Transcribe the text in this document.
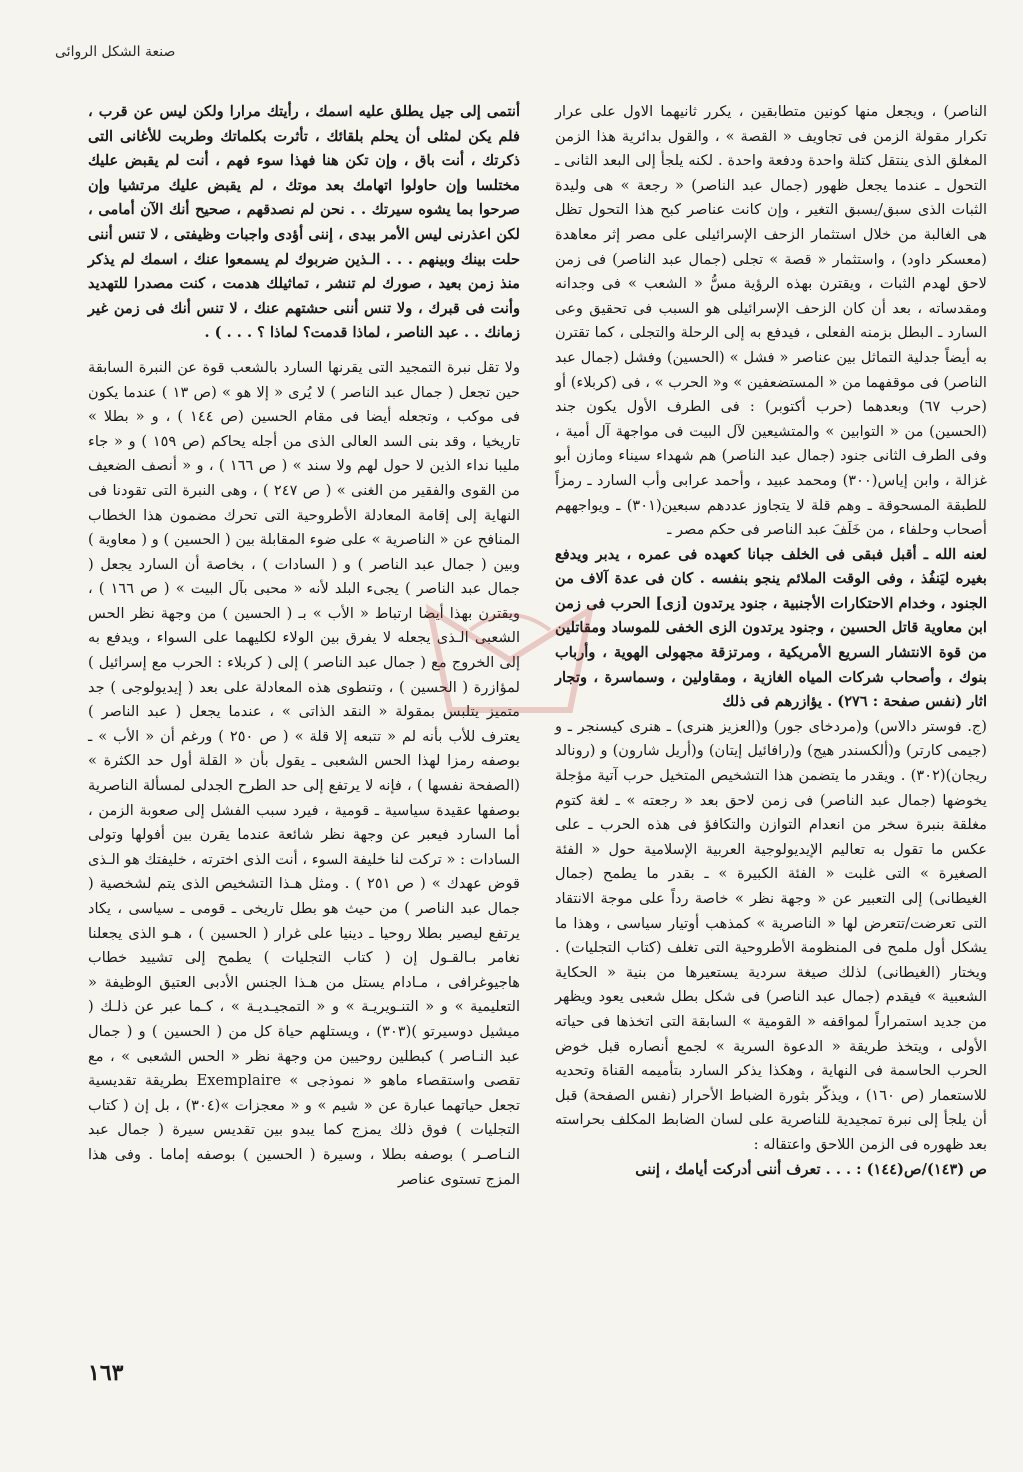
صنعة الشكل الروائى

الناصر) ، ويجعل منها كونين متطابقين ، يكرر ثانيهما الاول على عرار تكرار مقولة الزمن فى تجاويف « القصة » ، والقول بدائرية هذا الزمن المغلق الذى ينتقل كتلة واحدة ودفعة واحدة . لكنه يلجأ إلى البعد الثانى ـ التحول ـ عندما يجعل ظهور (جمال عبد الناصر) « رجعة » هى وليدة الثبات الذى سبق/يسبق التغير ، وإن كانت عناصر كبح هذا التحول تظل هى الغالبة من خلال استثمار الزحف الإسرائيلى على مصر إثر معاهدة (معسكر داود) ، واستثمار « قصة » تجلى (جمال عبد الناصر) فى زمن لاحق لهدم الثبات ، ويقترن بهذه الرؤية مسُّ « الشعب » فى وجدانه ومقدساته ، بعد أن كان الزحف الإسرائيلى هو السبب فى تحقيق وعى السارد ـ البطل بزمنه الفعلى ، فيدفع به إلى الرحلة والتجلى ، كما تقترن به أيضاً جدلية التماثل بين عناصر « فشل » (الحسين) وفشل (جمال عبد الناصر) فى موقفهما من « المستضعفين » و« الحرب » ، فى (كربلاء) أو (حرب ٦٧) وبعدهما (حرب أكتوبر) : فى الطرف الأول يكون جند (الحسين) من « التوابين » والمتشيعين لآل البيت فى مواجهة آل أمية ، وفى الطرف الثانى جنود (جمال عبد الناصر) هم شهداء سيناء ومازن أبو غزالة ، وابن إياس(٣٠٠) ومحمد عبيد ، وأحمد عرابى وأب السارد ـ رمزاً للطبقة المسحوقة ـ وهم قلة لا يتجاوز عددهم سبعين(٣٠١) ـ ويواجههم أصحاب وحلفاء ، من خَلَفَ عبد الناصر فى حكم مصر ـ

لعنه الله ـ أقبل فبقى فى الخلف جبانا كعهده فى عمره ، يدبر ويدفع بغيره ليَنفُذ ، وفى الوقت الملائم ينجو بنفسه . كان فى عدة آلاف من الجنود ، وخدام الاحتكارات الأجنبية ، جنود يرتدون [زى] الحرب فى زمن ابن معاوية قاتل الحسين ، وجنود يرتدون الزى الخفى للموساد ومقاتلين من قوة الانتشار السريع الأمريكية ، ومرتزقة مجهولى الهوية ، وأرباب بنوك ، وأصحاب شركات المياه الغازية ، ومقاولين ، وسماسرة ، وتجار اثار (نفس صفحة : ٢٧٦) . يؤازرهم فى ذلك

(ج. فوستر دالاس) و(مردخاى جور) و(العزيز هنرى) ـ هنرى كيسنجر ـ و (جيمى كارتر) و(ألكسندر هيج) و(رافائيل إيتان) و(أريل شارون) و (رونالد ريجان)(٣٠٢) . ويقدر ما يتضمن هذا التشخيص المتخيل حرب آتية مؤجلة يخوضها (جمال عبد الناصر) فى زمن لاحق بعد « رجعته » ـ لغة كتوم مغلقة بنبرة سخر من انعدام التوازن والتكافؤ فى هذه الحرب ـ على عكس ما تقول به تعاليم الإيديولوجية العربية الإسلامية حول « الفئة الصغيرة » التى غلبت « الفئة الكبيرة » ـ بقدر ما يطمح (جمال الغيطانى) إلى التعبير عن « وجهة نظر » خاصة رداً على موجة الانتقاد التى تعرضت/تتعرض لها « الناصرية » كمذهب أوتيار سياسى ، وهذا ما يشكل أول ملمح فى المنظومة الأطروحية التى تغلف (كتاب التجليات) . ويختار (الغيطانى) لذلك صيغة سردية يستعيرها من بنية « الحكاية الشعبية » فيقدم (جمال عبد الناصر) فى شكل بطل شعبى يعود ويظهر من جديد استمراراً لمواقفه « القومية » السابقة التى اتخذها فى حياته الأولى ، ويتخذ طريقة « الدعوة السرية » لجمع أنصاره قبل خوض الحرب الحاسمة فى النهاية ، وهكذا يذكر السارد بتأميمه القناة وتحديه للاستعمار (ص ١٦٠) ، ويذكّر بثورة الضباط الأحرار (نفس الصفحة) قبل أن يلجأ إلى نبرة تمجيدية للناصرية على لسان الضابط المكلف بحراسته بعد ظهوره فى الزمن اللاحق واعتقاله :

ص (١٤٣)/ص(١٤٤) : . . . تعرف أننى أدركت أيامك ، إننى

أنتمى إلى جيل يطلق عليه اسمك ، رأيتك مرارا ولكن ليس عن قرب ، فلم يكن لمثلى أن يحلم بلقائك ، تأثرت بكلماتك وطربت للأغانى التى ذكرتك ، أنت باق ، وإن تكن هنا فهذا سوء فهم ، أنت لم يقبض عليك مختلسا وإن حاولوا اتهامك بعد موتك ، لم يقبض عليك مرتشيا وإن صرحوا بما يشوه سيرتك . . نحن لم نصدقهم ، صحيح أنك الآن أمامى ، لكن اعذرنى ليس الأمر بيدى ، إننى أؤدى واجبات وظيفتى ، لا تنس أننى حلت بينك وبينهم . . . الـذين ضربوك لم يسمعوا عنك ، اسمك لم يذكر منذ زمن بعيد ، صورك لم تنشر ، تماثيلك هدمت ، كنت مصدرا للتهديد وأنت فى قبرك ، ولا تنس أننى حشتهم عنك ، لا تنس أنك فى زمن غير زمانك . . عبد الناصر ، لماذا قدمت؟ لماذا ؟ . . . ) .

ولا تقل نبرة التمجيد التى يقرنها السارد بالشعب قوة عن النبرة السابقة حين تجعل ( جمال عبد الناصر ) لا يُرى « إلا هو » (ص ١٣ ) عندما يكون فى موكب ، وتجعله أيضا فى مقام الحسين (ص ١٤٤ ) ، و « بطلا » تاريخيا ، وقد بنى السد العالى الذى من أجله يحاكم (ص ١٥٩ ) و « جاء مليبا نداء الذين لا حول لهم ولا سند » ( ص ١٦٦ ) ، و « أنصف الضعيف من القوى والفقير من الغنى » ( ص ٢٤٧ ) ، وهى النبرة التى تقودنا فى النهاية إلى إقامة المعادلة الأطروحية التى تحرك مضمون هذا الخطاب المنافح عن « الناصرية » على ضوء المقابلة بين ( الحسين ) و ( معاوية ) وبين ( جمال عبد الناصر ) و ( السادات ) ، بخاصة أن السارد يجعل ( جمال عبد الناصر ) يجىء البلد لأنه « محبى بآل البيت » ( ص ١٦٦ ) ، ويقترن بهذا أيضا ارتباط « الأب » بـ ( الحسين ) من وجهة نظر الحس الشعبى الـذى يجعله لا يفرق بين الولاء لكليهما على السواء ، ويدفع به إلى الخروج مع ( جمال عبد الناصر ) إلى ( كربلاء : الحرب مع إسرائيل ) لمؤازرة ( الحسين ) ، وتنطوى هذه المعادلة على بعد ( إيديولوجى ) جد متميز يتلبس بمقولة « النقد الذاتى » ، عندما يجعل ( عبد الناصر ) يعترف للأب بأنه لم « تتبعه إلا قلة » ( ص ٢٥٠ ) ورغم أن « الأب » ـ بوصفه رمزا لهذا الحس الشعبى ـ يقول بأن « القلة أول حد الكثرة » (الصفحة نفسها ) ، فإنه لا يرتفع إلى حد الطرح الجدلى لمسألة الناصرية بوصفها عقيدة سياسية ـ قومية ، فيرد سبب الفشل إلى صعوبة الزمن ، أما السارد فيعبر عن وجهة نظر شائعة عندما يقرن بين أفولها وتولى السادات : « تركت لنا خليفة السوء ، أنت الذى اخترته ، خليفتك هو الـذى قوض عهدك » ( ص ٢٥١ ) . ومثل هـذا التشخيص الذى يتم لشخصية ( جمال عبد الناصر ) من حيث هو بطل تاريخى ـ قومى ـ سياسى ، يكاد يرتفع ليصير بطلا روحيا ـ دينيا على غرار ( الحسين ) ، هـو الذى يجعلنا نغامر بـالقـول إن ( كتاب التجليات ) يطمح إلى تشييد خطاب هاجيوغرافى ، مـادام يستل من هـذا الجنس الأدبى العتيق الوظيفة « التعليمية » و « التنـويريـة » و « التمجيـديـة » ، كـما عبر عن ذلـك ( ميشيل دوسيرتو )(٣٠٣) ، ويستلهم حياة كل من ( الحسين ) و ( جمال عبد النـاصر ) كبطلين روحيين من وجهة نظر « الحس الشعبى » ، مع تقصى واستقصاء ماهو « نموذجى » Exemplaire بطريقة تقديسية تجعل حياتهما عبارة عن « شيم » و « معجزات »(٣٠٤) ، بل إن ( كتاب التجليات ) فوق ذلك يمزج كما يبدو بين تقديس سيرة ( جمال عبد النـاصـر ) بوصفه بطلا ، وسيرة ( الحسين ) بوصفه إماما . وفى هذا المزج تستوى عناصر

١٦٣
